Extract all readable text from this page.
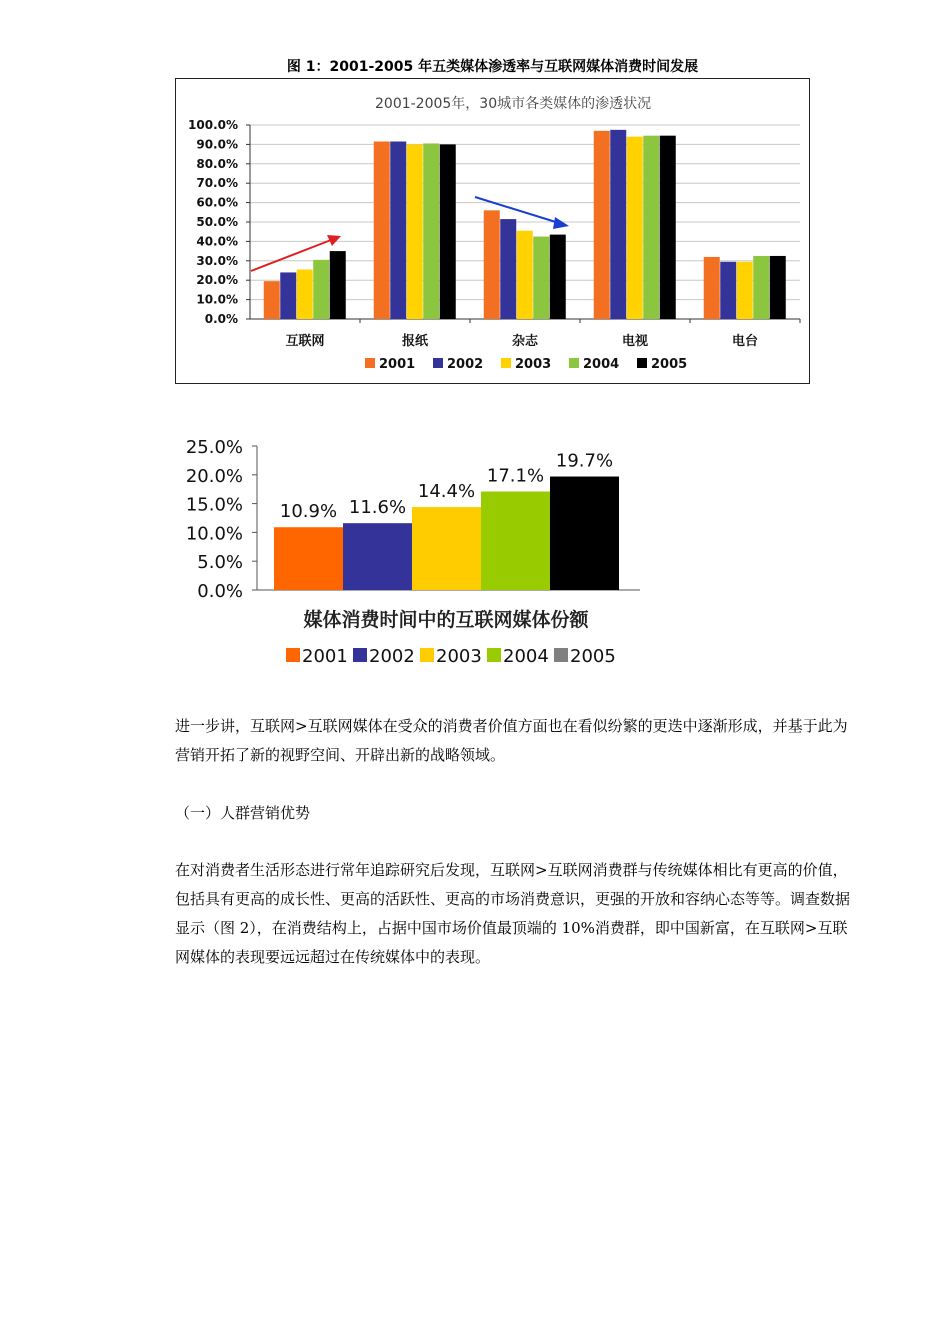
图 1：2001-2005 年五类媒体渗透率与互联网媒体消费时间发展
2001-2005年，30城市各类媒体的渗透状况
100.0%
90.0%
80.0%
70.0%
60.0%
50.0%
40.0%
30.0%
20.0%
10.0%
0.0%
互联网	报纸	杂志	电视	电台
2001 2002 2003 2004 2005
25.0%
20.0%
15.0%
10.0%
5.0%
0.0%
10.9% 11.6%
14.4%
17.1%
19.7%
媒体消费时间中的互联网媒体份额
2001 2002 2003 2004 2005

进一步讲，互联网>互联网媒体在受众的消费者价值方面也在看似纷繁的更迭中逐渐形成，并基于此为营销开拓了新的视野空间、开辟出新的战略领域。

（一）人群营销优势

在对消费者生活形态进行常年追踪研究后发现，互联网>互联网消费群与传统媒体相比有更高的价值，包括具有更高的成长性、更高的活跃性、更高的市场消费意识，更强的开放和容纳心态等等。调查数据显示（图 2），在消费结构上，占据中国市场价值最顶端的 10%消费群，即中国新富，在互联网>互联网媒体的表现要远远超过在传统媒体中的表现。
